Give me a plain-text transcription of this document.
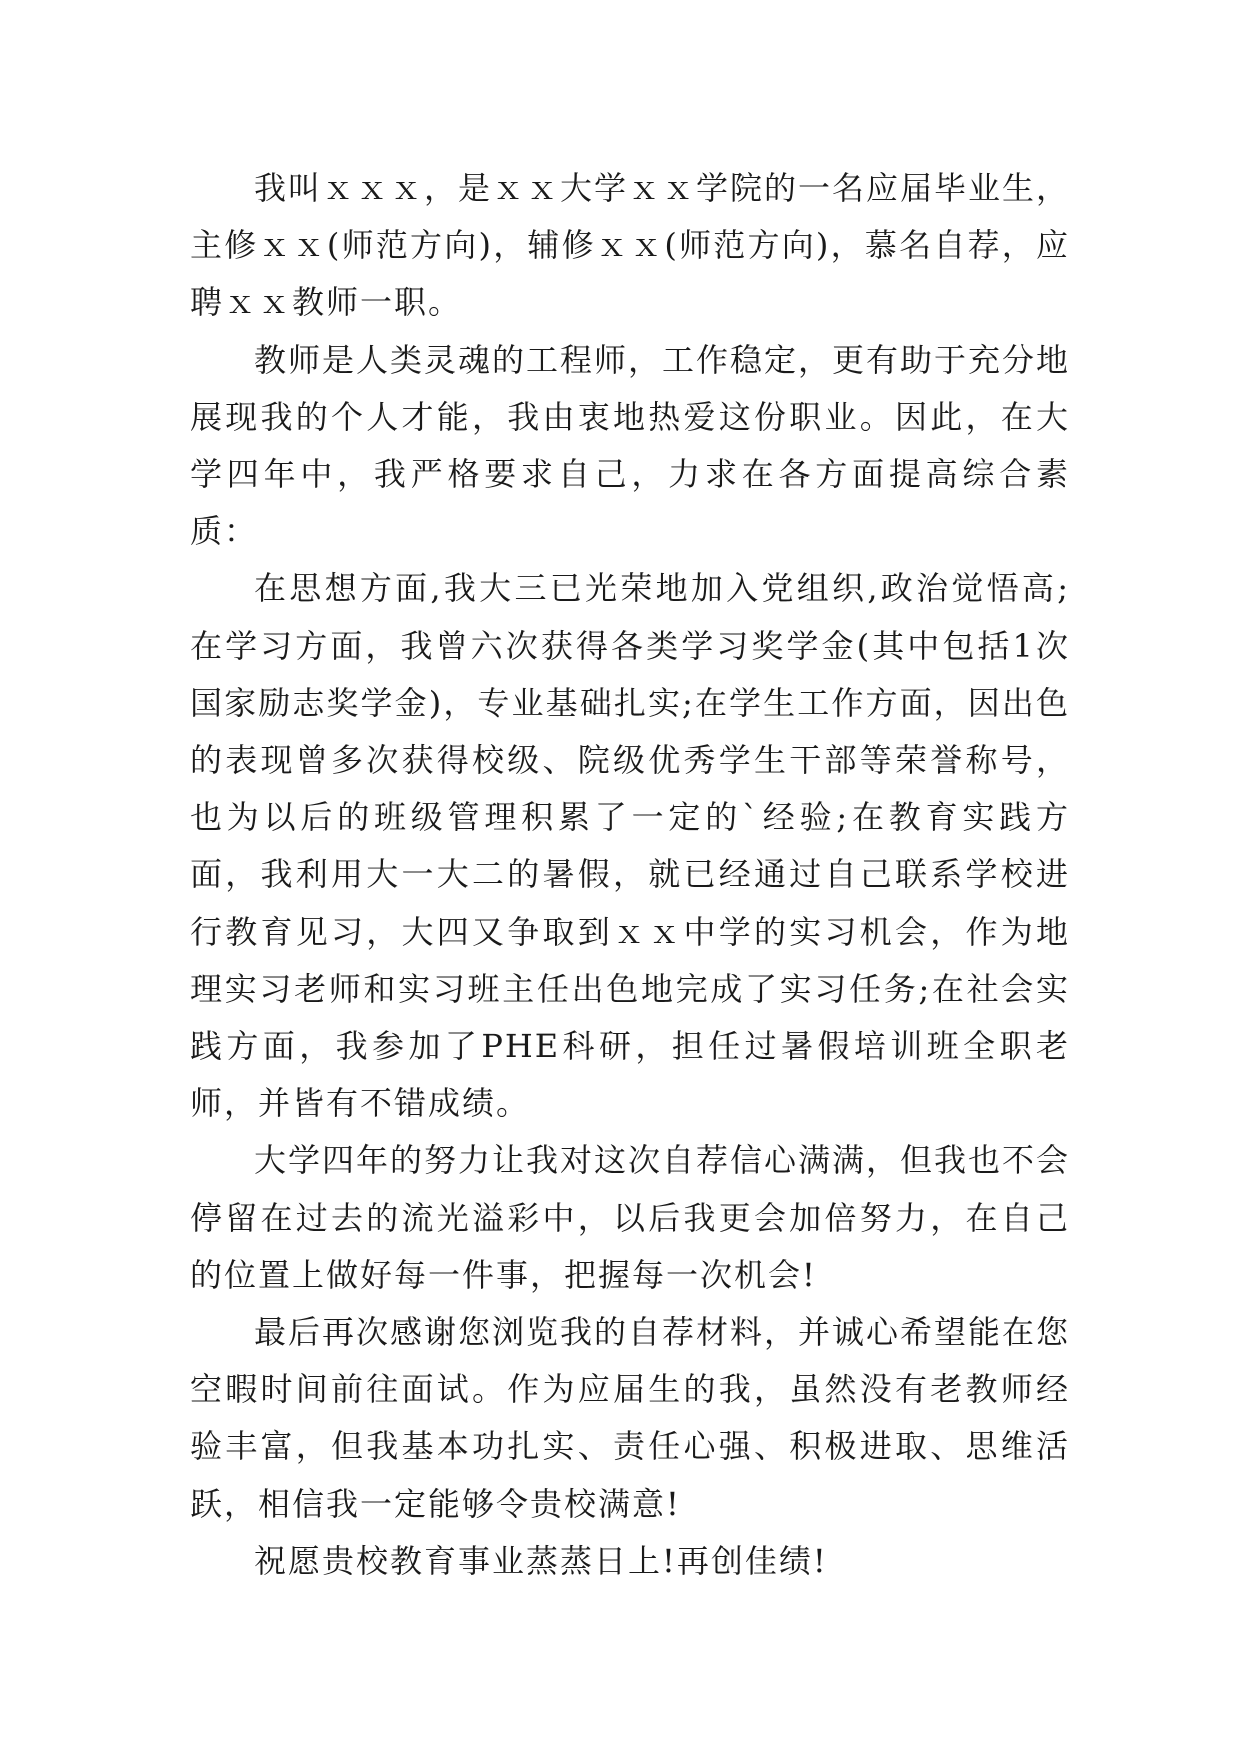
我叫ｘｘｘ，是ｘｘ大学ｘｘ学院的一名应届毕业生，主修ｘｘ(师范方向)，辅修ｘｘ(师范方向)，慕名自荐，应聘ｘｘ教师一职。

教师是人类灵魂的工程师，工作稳定，更有助于充分地展现我的个人才能，我由衷地热爱这份职业。因此，在大学四年中，我严格要求自己，力求在各方面提高综合素质：

在思想方面,我大三已光荣地加入党组织,政治觉悟高;在学习方面，我曾六次获得各类学习奖学金(其中包括1次国家励志奖学金)，专业基础扎实;在学生工作方面，因出色的表现曾多次获得校级、院级优秀学生干部等荣誉称号，也为以后的班级管理积累了一定的`经验;在教育实践方面，我利用大一大二的暑假，就已经通过自己联系学校进行教育见习，大四又争取到ｘｘ中学的实习机会，作为地理实习老师和实习班主任出色地完成了实习任务;在社会实践方面，我参加了PHE科研，担任过暑假培训班全职老师，并皆有不错成绩。

大学四年的努力让我对这次自荐信心满满，但我也不会停留在过去的流光溢彩中，以后我更会加倍努力，在自己的位置上做好每一件事，把握每一次机会!

最后再次感谢您浏览我的自荐材料，并诚心希望能在您空暇时间前往面试。作为应届生的我，虽然没有老教师经验丰富，但我基本功扎实、责任心强、积极进取、思维活跃，相信我一定能够令贵校满意!

祝愿贵校教育事业蒸蒸日上!再创佳绩!
